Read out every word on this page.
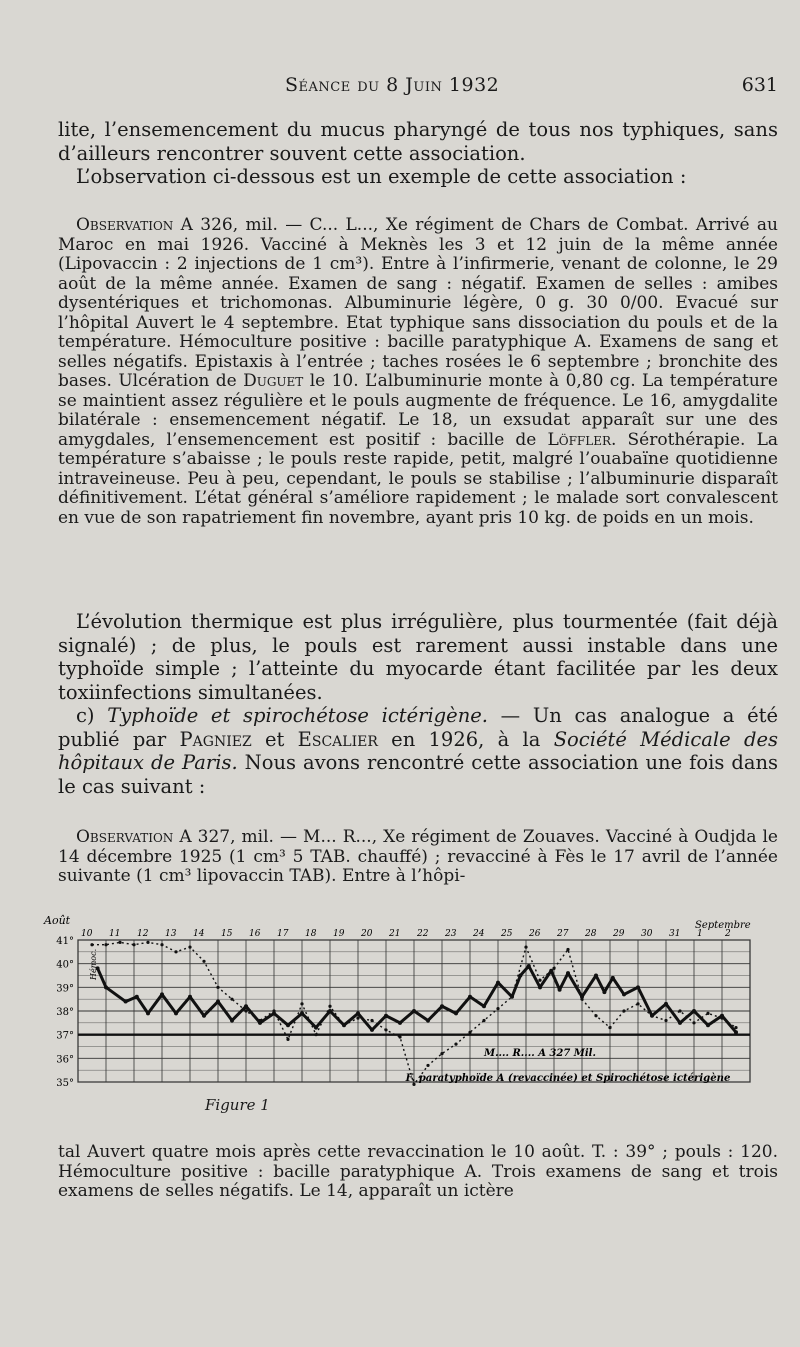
Séance du 8 Juin 1932	631

lite, l’ensemencement du mucus pharyngé de tous nos typhiques, sans d’ailleurs rencontrer souvent cette association.

L’observation ci-dessous est un exemple de cette association :

Observation A 326, mil. — C... L..., Xe régiment de Chars de Combat. Arrivé au Maroc en mai 1926. Vacciné à Meknès les 3 et 12 juin de la même année (Lipovaccin : 2 injections de 1 cm³). Entre à l’infirmerie, venant de colonne, le 29 août de la même année. Examen de sang : négatif. Examen de selles : amibes dysentériques et trichomonas. Albuminurie légère, 0 g. 30 0/00. Evacué sur l’hôpital Auvert le 4 septembre. Etat typhique sans dissociation du pouls et de la température. Hémoculture positive : bacille paratyphique A. Examens de sang et selles négatifs. Epistaxis à l’entrée ; taches rosées le 6 septembre ; bronchite des bases. Ulcération de Duguet le 10. L’albuminurie monte à 0,80 cg. La température se maintient assez régulière et le pouls augmente de fréquence. Le 16, amygdalite bilatérale : ensemencement négatif. Le 18, un exsudat apparaît sur une des amygdales, l’ensemencement est positif : bacille de Löffler. Sérothérapie. La température s’abaisse ; le pouls reste rapide, petit, malgré l’ouabaïne quotidienne intraveineuse. Peu à peu, cependant, le pouls se stabilise ; l’albuminurie disparaît définitivement. L’état général s’améliore rapidement ; le malade sort convalescent en vue de son rapatriement fin novembre, ayant pris 10 kg. de poids en un mois.

L’évolution thermique est plus irrégulière, plus tourmentée (fait déjà signalé) ; de plus, le pouls est rarement aussi instable dans une typhoïde simple ; l’atteinte du myocarde étant facilitée par les deux toxiinfections simultanées.

c) Typhoïde et spirochétose ictérigène. — Un cas analogue a été publié par Pagniez et Escalier en 1926, à la Société Médicale des hôpitaux de Paris. Nous avons rencontré cette association une fois dans le cas suivant :

Observation A 327, mil. — M... R..., Xe régiment de Zouaves. Vacciné à Oudjda le 14 décembre 1925 (1 cm³ 5 TAB. chauffé) ; revacciné à Fès le 17 avril de l’année suivante (1 cm³ lipovaccin TAB). Entre à l’hôpi-

41°
40°
39°
38°
37°
36°
35°
10 11 12 13 14 15 16 17 18 19 20 21 22 23 24 25 26 27 28 29 30 31 1 2
Août	Septembre
Hémoc.
M.... R.... A 327 Mil.
F. paratyphoïde A (revaccinée) et Spirochétose ictérigène
Figure 1

tal Auvert quatre mois après cette revaccination le 10 août. T. : 39° ; pouls : 120. Hémoculture positive : bacille paratyphique A. Trois examens de sang et trois examens de selles négatifs. Le 14, apparaît un ictère
